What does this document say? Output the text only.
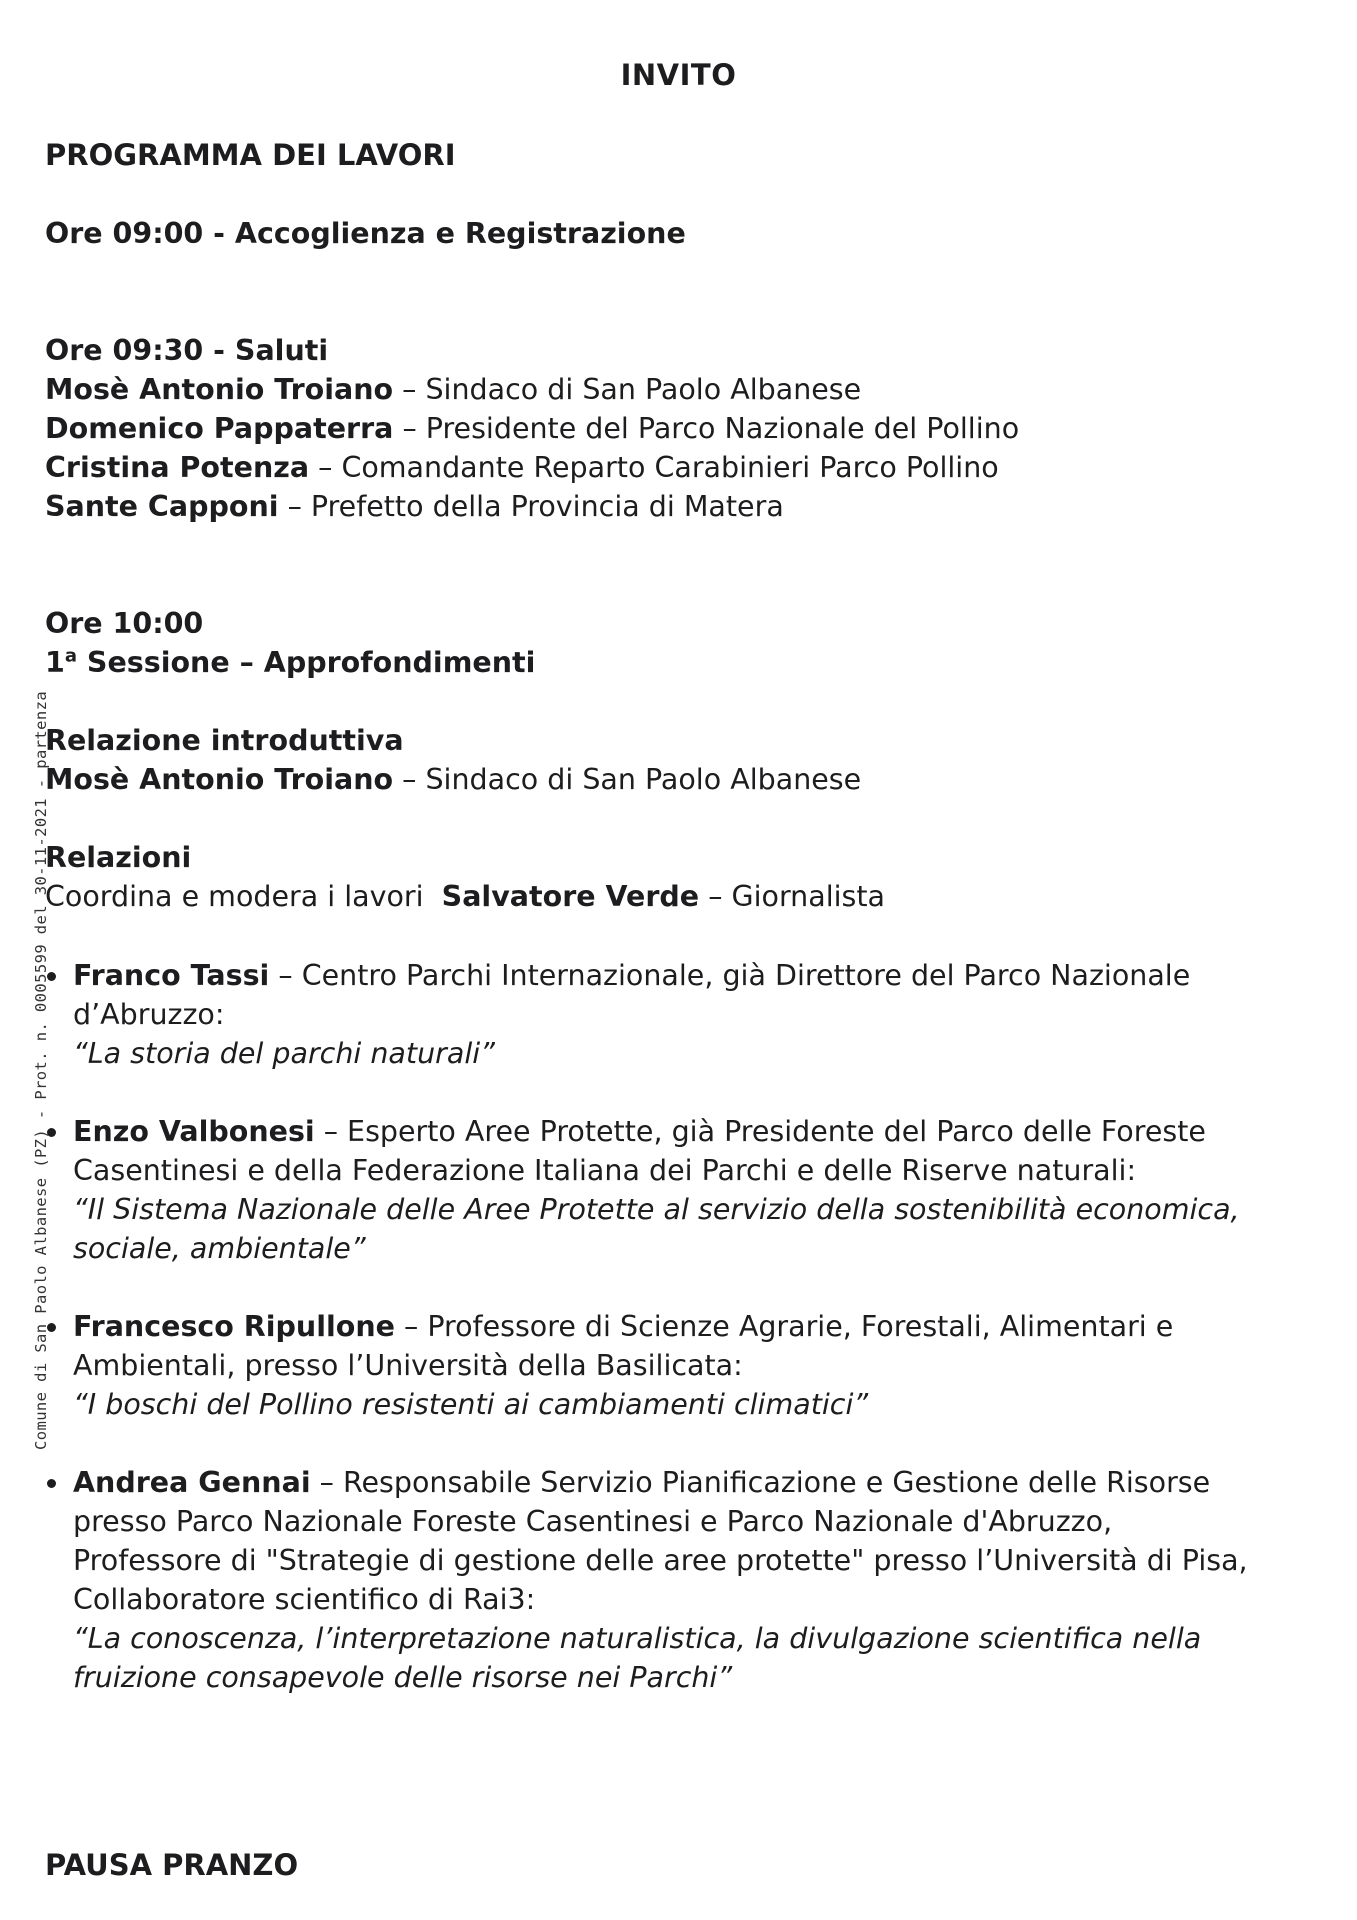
INVITO
PROGRAMMA DEI LAVORI
Ore 09:00 - Accoglienza e Registrazione
Ore 09:30 - Saluti
Mosè Antonio Troiano – Sindaco di San Paolo Albanese
Domenico Pappaterra – Presidente del Parco Nazionale del Pollino
Cristina Potenza – Comandante Reparto Carabinieri Parco Pollino
Sante Capponi – Prefetto della Provincia di Matera
Ore 10:00
1$^a$ Sessione – Approfondimenti
Relazione introduttiva
Mosè Antonio Troiano – Sindaco di San Paolo Albanese
Relazioni
Coordina e modera i lavori  Salvatore Verde – Giornalista
Franco Tassi – Centro Parchi Internazionale, già Direttore del Parco Nazionale
d’Abruzzo:
“La storia del parchi naturali”
Enzo Valbonesi – Esperto Aree Protette, già Presidente del Parco delle Foreste
Casentinesi e della Federazione Italiana dei Parchi e delle Riserve naturali:
“Il Sistema Nazionale delle Aree Protette al servizio della sostenibilità economica,
sociale, ambientale”
Francesco Ripullone – Professore di Scienze Agrarie, Forestali, Alimentari e
Ambientali, presso l’Università della Basilicata:
“I boschi del Pollino resistenti ai cambiamenti climatici”
Andrea Gennai – Responsabile Servizio Pianificazione e Gestione delle Risorse
presso Parco Nazionale Foreste Casentinesi e Parco Nazionale d'Abruzzo,
Professore di "Strategie di gestione delle aree protette" presso l’Università di Pisa,
Collaboratore scientifico di Rai3:
“La conoscenza, l’interpretazione naturalistica, la divulgazione scientifica nella
fruizione consapevole delle risorse nei Parchi”
PAUSA PRANZO
Comune di San Paolo Albanese (PZ) - Prot. n. 0005599 del 30-11-2021 - partenza
